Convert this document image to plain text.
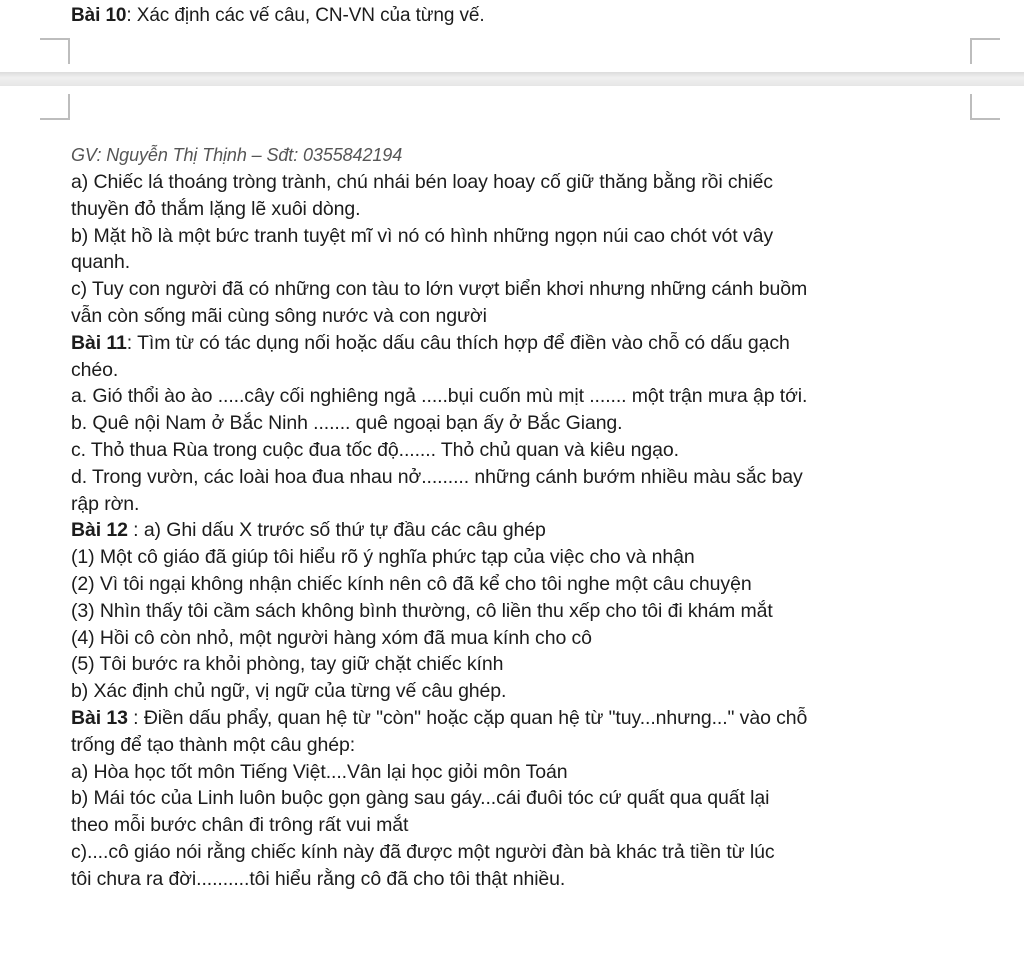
Bài 10: Xác định các vế câu, CN-VN của từng vế.
GV: Nguyễn Thị Thịnh – Sđt: 0355842194
a) Chiếc lá thoáng tròng trành, chú nhái bén loay hoay cố giữ thăng bằng rồi chiếc
thuyền đỏ thắm lặng lẽ xuôi dòng.
b) Mặt hồ là một bức tranh tuyệt mĩ vì nó có hình những ngọn núi cao chót vót vây
quanh.
c) Tuy con người đã có những con tàu to lớn vượt biển khơi nhưng những cánh buồm
vẫn còn sống mãi cùng sông nước và con người
Bài 11: Tìm từ có tác dụng nối hoặc dấu câu thích hợp để điền vào chỗ có dấu gạch
chéo.
a. Gió thổi ào ào .....cây cối nghiêng ngả .....bụi cuốn mù mịt ....... một trận mưa ập tới.
b. Quê nội Nam ở Bắc Ninh ....... quê ngoại bạn ấy ở Bắc Giang.
c. Thỏ thua Rùa trong cuộc đua tốc độ....... Thỏ chủ quan và kiêu ngạo.
d. Trong vườn, các loài hoa đua nhau nở......... những cánh bướm nhiều màu sắc bay
rập rờn.
Bài 12 : a) Ghi dấu X trước số thứ tự đầu các câu ghép
(1) Một cô giáo đã giúp tôi hiểu rõ ý nghĩa phức tạp của việc cho và nhận
(2) Vì tôi ngại không nhận chiếc kính nên cô đã kể cho tôi nghe một câu chuyện
(3) Nhìn thấy tôi cầm sách không bình thường, cô liền thu xếp cho tôi đi khám mắt
(4) Hồi cô còn nhỏ, một người hàng xóm đã mua kính cho cô
(5) Tôi bước ra khỏi phòng, tay giữ chặt chiếc kính
b) Xác định chủ ngữ, vị ngữ của từng vế câu ghép.
Bài 13 : Điền dấu phẩy, quan hệ từ "còn" hoặc cặp quan hệ từ "tuy...nhưng..." vào chỗ
trống để tạo thành một câu ghép:
a) Hòa học tốt môn Tiếng Việt....Vân lại học giỏi môn Toán
b) Mái tóc của Linh luôn buộc gọn gàng sau gáy...cái đuôi tóc cứ quất qua quất lại
theo mỗi bước chân đi trông rất vui mắt
c)....cô giáo nói rằng chiếc kính này đã được một người đàn bà khác trả tiền từ lúc
tôi chưa ra đời..........tôi hiểu rằng cô đã cho tôi thật nhiều.
